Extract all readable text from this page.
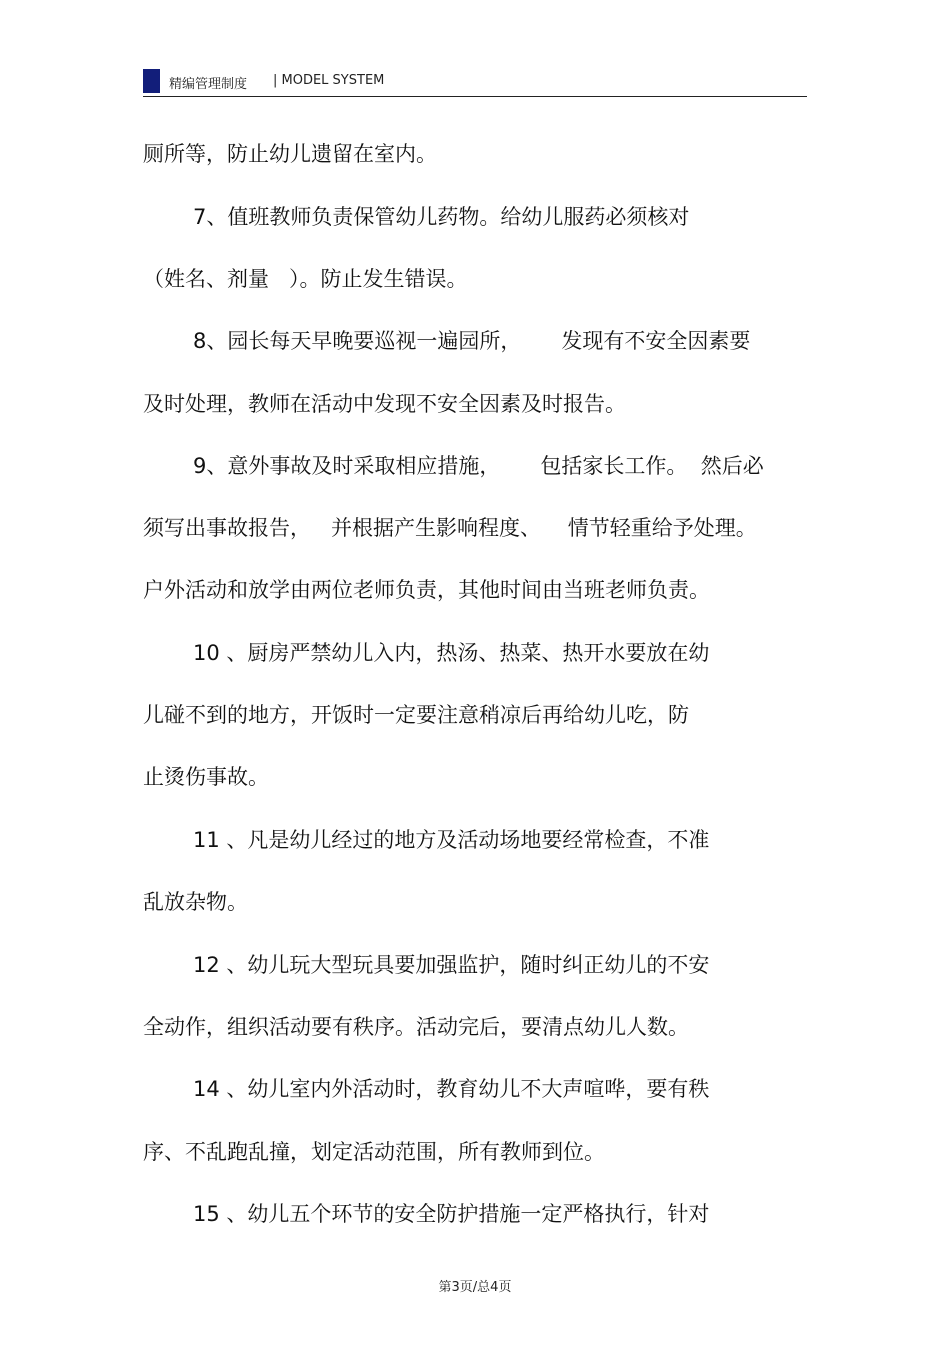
精编管理制度 | MODEL SYSTEM
厕所等，防止幼儿遗留在室内。
7、值班教师负责保管幼儿药物。给幼儿服药必须核对
（姓名、剂量   ）。防止发生错误。
8、园长每天早晚要巡视一遍园所，      发现有不安全因素要
及时处理，教师在活动中发现不安全因素及时报告。
9、意外事故及时采取相应措施，      包括家长工作。  然后必
须写出事故报告，   并根据产生影响程度、    情节轻重给予处理。
户外活动和放学由两位老师负责，其他时间由当班老师负责。
10 、厨房严禁幼儿入内，热汤、热菜、热开水要放在幼
儿碰不到的地方，开饭时一定要注意稍凉后再给幼儿吃，防
止烫伤事故。
11 、凡是幼儿经过的地方及活动场地要经常检查，不准
乱放杂物。
12 、幼儿玩大型玩具要加强监护，随时纠正幼儿的不安
全动作，组织活动要有秩序。活动完后，要清点幼儿人数。
14 、幼儿室内外活动时，教育幼儿不大声喧哗，要有秩
序、不乱跑乱撞，划定活动范围，所有教师到位。
15 、幼儿五个环节的安全防护措施一定严格执行，针对
第3页/总4页
